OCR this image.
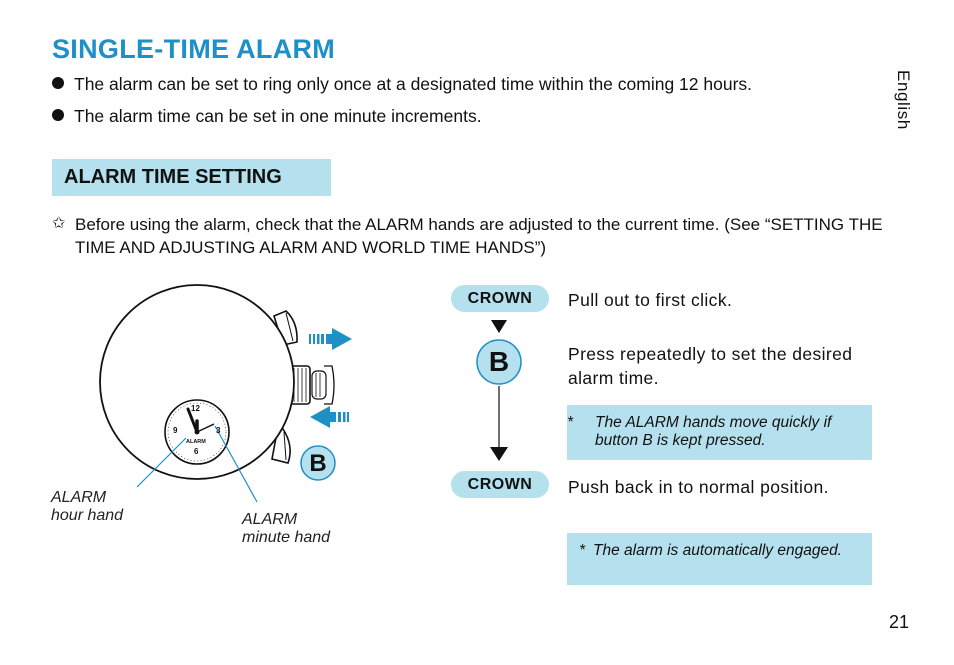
SINGLE-TIME ALARM
The alarm can be set to ring only once at a designated time within the coming 12 hours.
The alarm time can be set in one minute increments.	English
ALARM TIME SETTING
✩ Before using the alarm, check that the ALARM hands are adjusted to the current time. (See “SETTING THE TIME AND ADJUSTING ALARM AND WORLD TIME HANDS”)
12
3
6
9
ALARM
B
B
ALARM
hour hand	ALARM
minute hand
CROWN	Pull out to first click.
Press repeatedly to set the desired alarm time.
* The ALARM hands move quickly if button B is kept pressed.
CROWN	Push back in to normal position.
* The alarm is automatically engaged.
21
